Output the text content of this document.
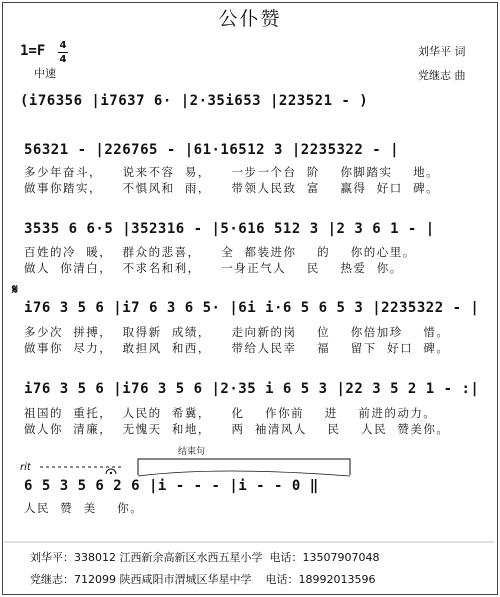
公仆赞
1=F 4
4
中速
刘华平 词
党继志 曲
(i76356 |i7637 6· |2·35i653 |223521 - )
56321 - |226765 - |61·16512 3 |2235322 - |
多少年奋斗，    说来不容  易，    一步一个台  阶    你脚踏实    地。
做事你踏实，    不惧风和  雨，    带领人民致  富    赢得  好口  碑。
3535 6 6·5 |352316 - |5·616 512 3 |2 3 6 1 - |
百姓的冷  暖，  群众的悲喜，    全  都装进你    的    你的心里。
做人  你清白，  不求名和利，    一身正气人    民    热爱  你。
𝄋
i76 3 5 6 |i7 6 3 6 5· |6i i·6 5 6 5 3 |2235322 - |
多少次  拼搏，  取得新  成绩，    走向新的岗    位    你倍加珍    惜。
做事你  尽力，  敢担风  和西，    带给人民幸    福    留下  好口  碑。
i76 3 5 6 |i76 3 5 6 |2·35 i 6 5 3 |22 3 5 2 1 - :|
祖国的  重托，  人民的  希冀，    化    作你前    进    前进的动力。
做人你  清廉，  无愧天  和地，    两  袖清风人    民    人民  赞美你。
rit
结束句
6 5 3 5 6 2 6 |i - - - |i - - 0 ‖
人民  赞  美    你。
刘华平：338012 江西新余高新区水西五星小学  电话：13507907048
党继志：712099 陕西咸阳市渭城区华星中学    电话：18992013596
